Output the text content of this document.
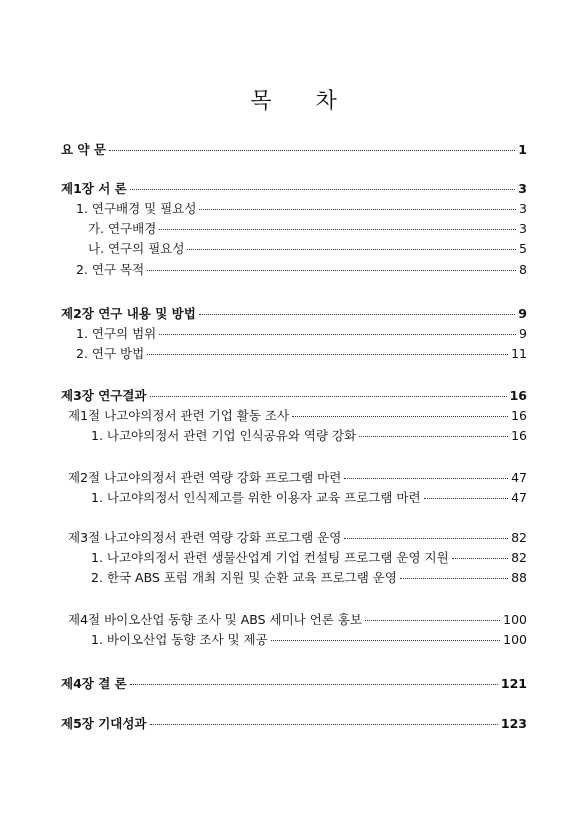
목 차
요 약 문	1
제1장 서 론	3
1. 연구배경 및 필요성	3
가. 연구배경	3
나. 연구의 필요성	5
2. 연구 목적	8
제2장 연구 내용 및 방법	9
1. 연구의 범위	9
2. 연구 방법	11
제3장 연구결과	16
제1절 나고야의정서 관련 기업 활동 조사	16
1. 나고야의정서 관련 기업 인식공유와 역량 강화	16
제2절 나고야의정서 관련 역량 강화 프로그램 마련	47
1. 나고야의정서 인식제고를 위한 이용자 교육 프로그램 마련	47
제3절 나고야의정서 관련 역량 강화 프로그램 운영	82
1. 나고야의정서 관련 생물산업계 기업 컨설팅 프로그램 운영 지원	82
2. 한국 ABS 포럼 개최 지원 및 순환 교육 프로그램 운영	88
제4절 바이오산업 동향 조사 및 ABS 세미나 언론 홍보	100
1. 바이오산업 동향 조사 및 제공	100
제4장 결 론	121
제5장 기대성과	123
